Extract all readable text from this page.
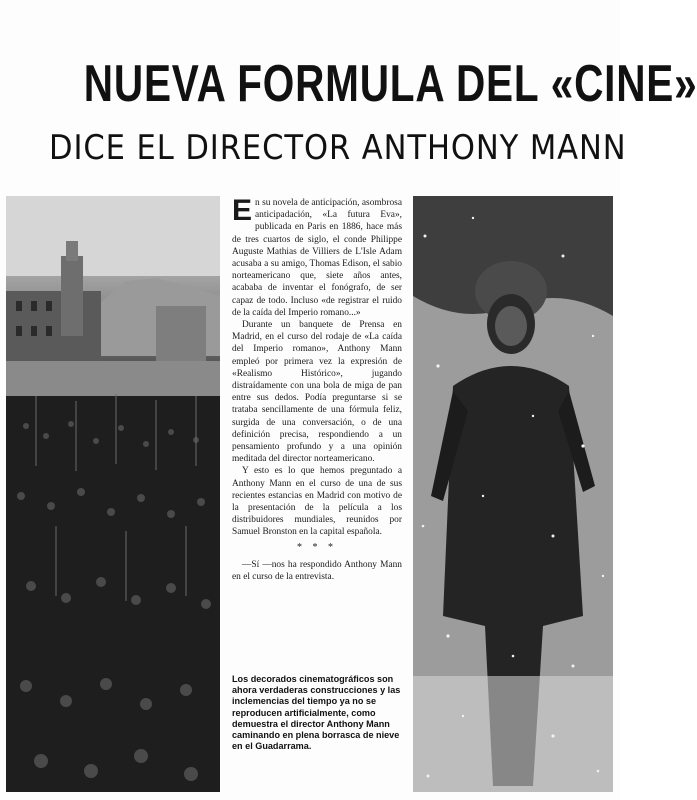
NUEVA FORMULA DEL «CINE»
DICE EL DIRECTOR ANTHONY MANN

En su novela de anticipación, asombrosa anticipadación, «La futura Eva», publicada en Paris en 1886, hace más de tres cuartos de siglo, el conde Philippe Auguste Mathias de Villiers de L'Isle Adam acusaba a su amigo, Thomas Edison, el sabio norteamericano que, siete años antes, acababa de inventar el fonógrafo, de ser capaz de todo. Incluso «de registrar el ruido de la caída del Imperio romano...»

Durante un banquete de Prensa en Madrid, en el curso del rodaje de «La caída del Imperio romano», Anthony Mann empleó por primera vez la expresión de «Realismo Histórico», jugando distraídamente con una bola de miga de pan entre sus dedos. Podía preguntarse si se trataba sencillamente de una fórmula feliz, surgida de una conversación, o de una definición precisa, respondiendo a un pensamiento profundo y a una opinión meditada del director norteamericano.

Y esto es lo que hemos preguntado a Anthony Mann en el curso de una de sus recientes estancias en Madrid con motivo de la presentación de la película a los distribuidores mundiales, reunidos por Samuel Bronston en la capital española.

* * *

—Sí —nos ha respondido Anthony Mann en el curso de la entrevista.

Los decorados cinematográficos son ahora verdaderas construcciones y las inclemencias del tiempo ya no se reproducen artificialmente, como demuestra el director Anthony Mann caminando en plena borrasca de nieve en el Guadarrama.
